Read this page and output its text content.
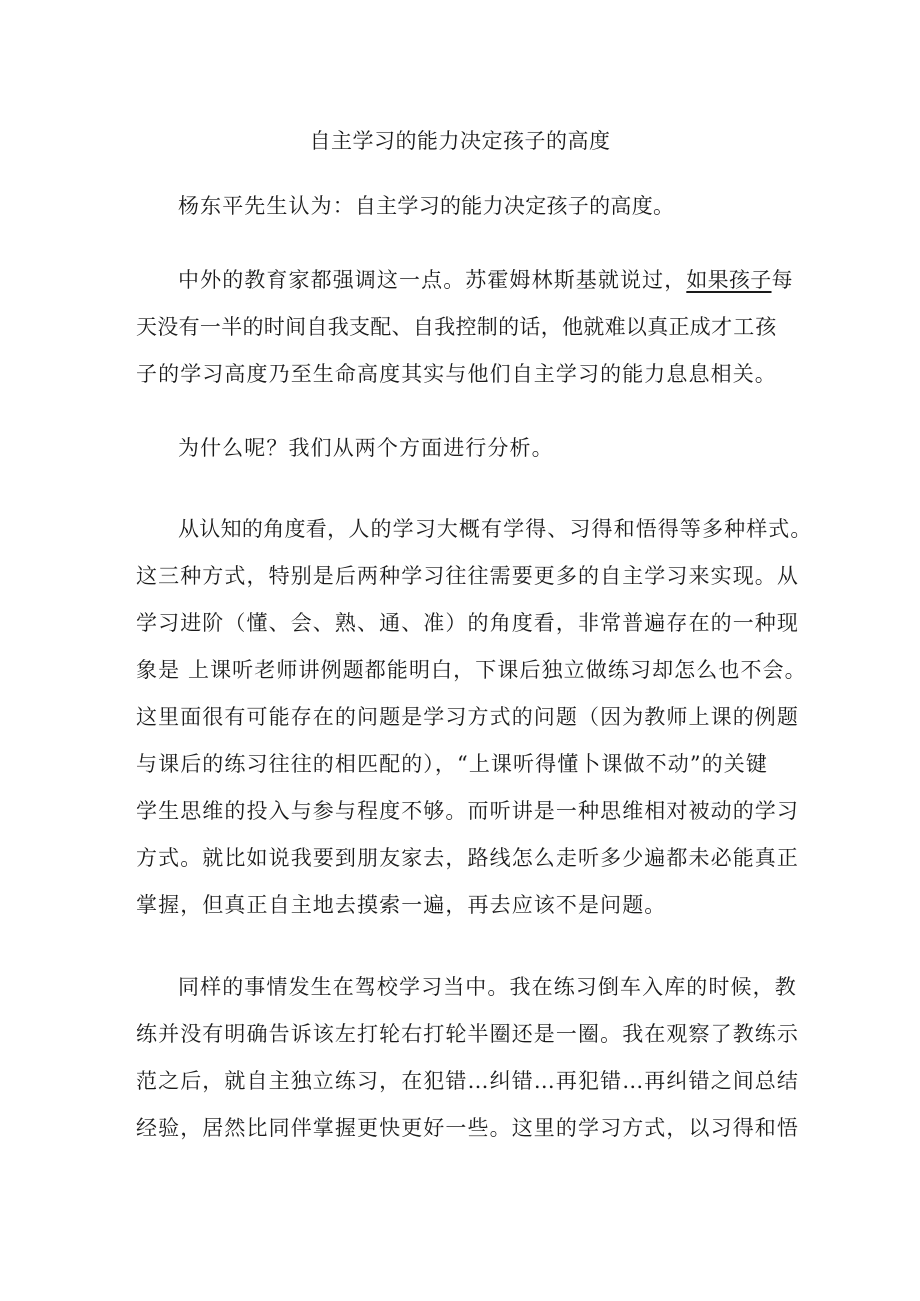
自主学习的能力决定孩子的高度
杨东平先生认为：自主学习的能力决定孩子的高度。
中外的教育家都强调这一点。苏霍姆林斯基就说过，如果孩子每
天没有一半的时间自我支配、自我控制的话，他就难以真正成才工孩
子的学习高度乃至生命高度其实与他们自主学习的能力息息相关。
为什么呢？我们从两个方面进行分析。
从认知的角度看，人的学习大概有学得、习得和悟得等多种样式。
这三种方式，特别是后两种学习往往需要更多的自主学习来实现。从
学习进阶（懂、会、熟、通、准）的角度看，非常普遍存在的一种现
象是 上课听老师讲例题都能明白，下课后独立做练习却怎么也不会。
这里面很有可能存在的问题是学习方式的问题（因为教师上课的例题
与课后的练习往往的相匹配的），“上课听得懂卜课做不动”的关键
学生思维的投入与参与程度不够。而听讲是一种思维相对被动的学习
方式。就比如说我要到朋友家去，路线怎么走听多少遍都未必能真正
掌握，但真正自主地去摸索一遍，再去应该不是问题。
同样的事情发生在驾校学习当中。我在练习倒车入库的时候，教
练并没有明确告诉该左打轮右打轮半圈还是一圈。我在观察了教练示
范之后，就自主独立练习，在犯错…纠错…再犯错…再纠错之间总结
经验，居然比同伴掌握更快更好一些。这里的学习方式，以习得和悟
